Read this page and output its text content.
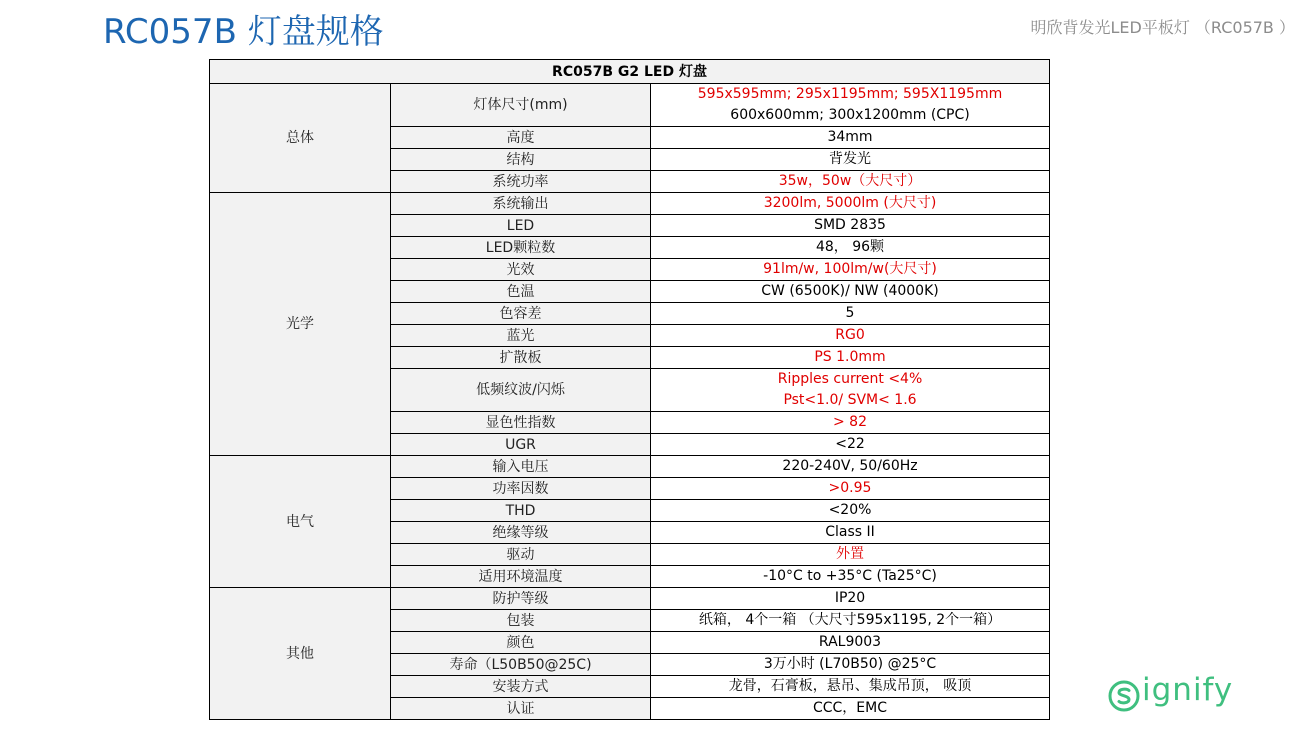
RC057B 灯盘规格	明欣背发光LED平板灯 （RC057B ）
RC057B G2 LED 灯盘		
总体	灯体尺寸(mm)	595x595mm; 295x1195mm; 595X1195mm
600x600mm; 300x1200mm (CPC)

	高度	34mm

	结构	背发光

	系统功率	35w，50w（大尺寸）

光学	系统输出	3200lm, 5000lm (大尺寸)

	LED	SMD 2835

	LED颗粒数	48， 96颗

	光效	91lm/w, 100lm/w(大尺寸)

	色温	CW (6500K)/ NW (4000K)

	色容差	5

	蓝光	RG0

	扩散板	PS 1.0mm

	低频纹波/闪烁	Ripples current <4%
Pst<1.0/ SVM< 1.6

	显色性指数	> 82

	UGR	<22

电气	输入电压	220-240V, 50/60Hz

	功率因数	>0.95

	THD	<20%

	绝缘等级	Class II

	驱动	外置

	适用环境温度	-10°C to +35°C (Ta25°C)

其他	防护等级	IP20

	包装	纸箱， 4个一箱 （大尺寸595x1195, 2个一箱）

	颜色	RAL9003

	寿命（L50B50@25C)	3万小时 (L70B50) @25°C

	安装方式	龙骨，石膏板，悬吊、集成吊顶， 吸顶

	认证	CCC，EMC	ignify
